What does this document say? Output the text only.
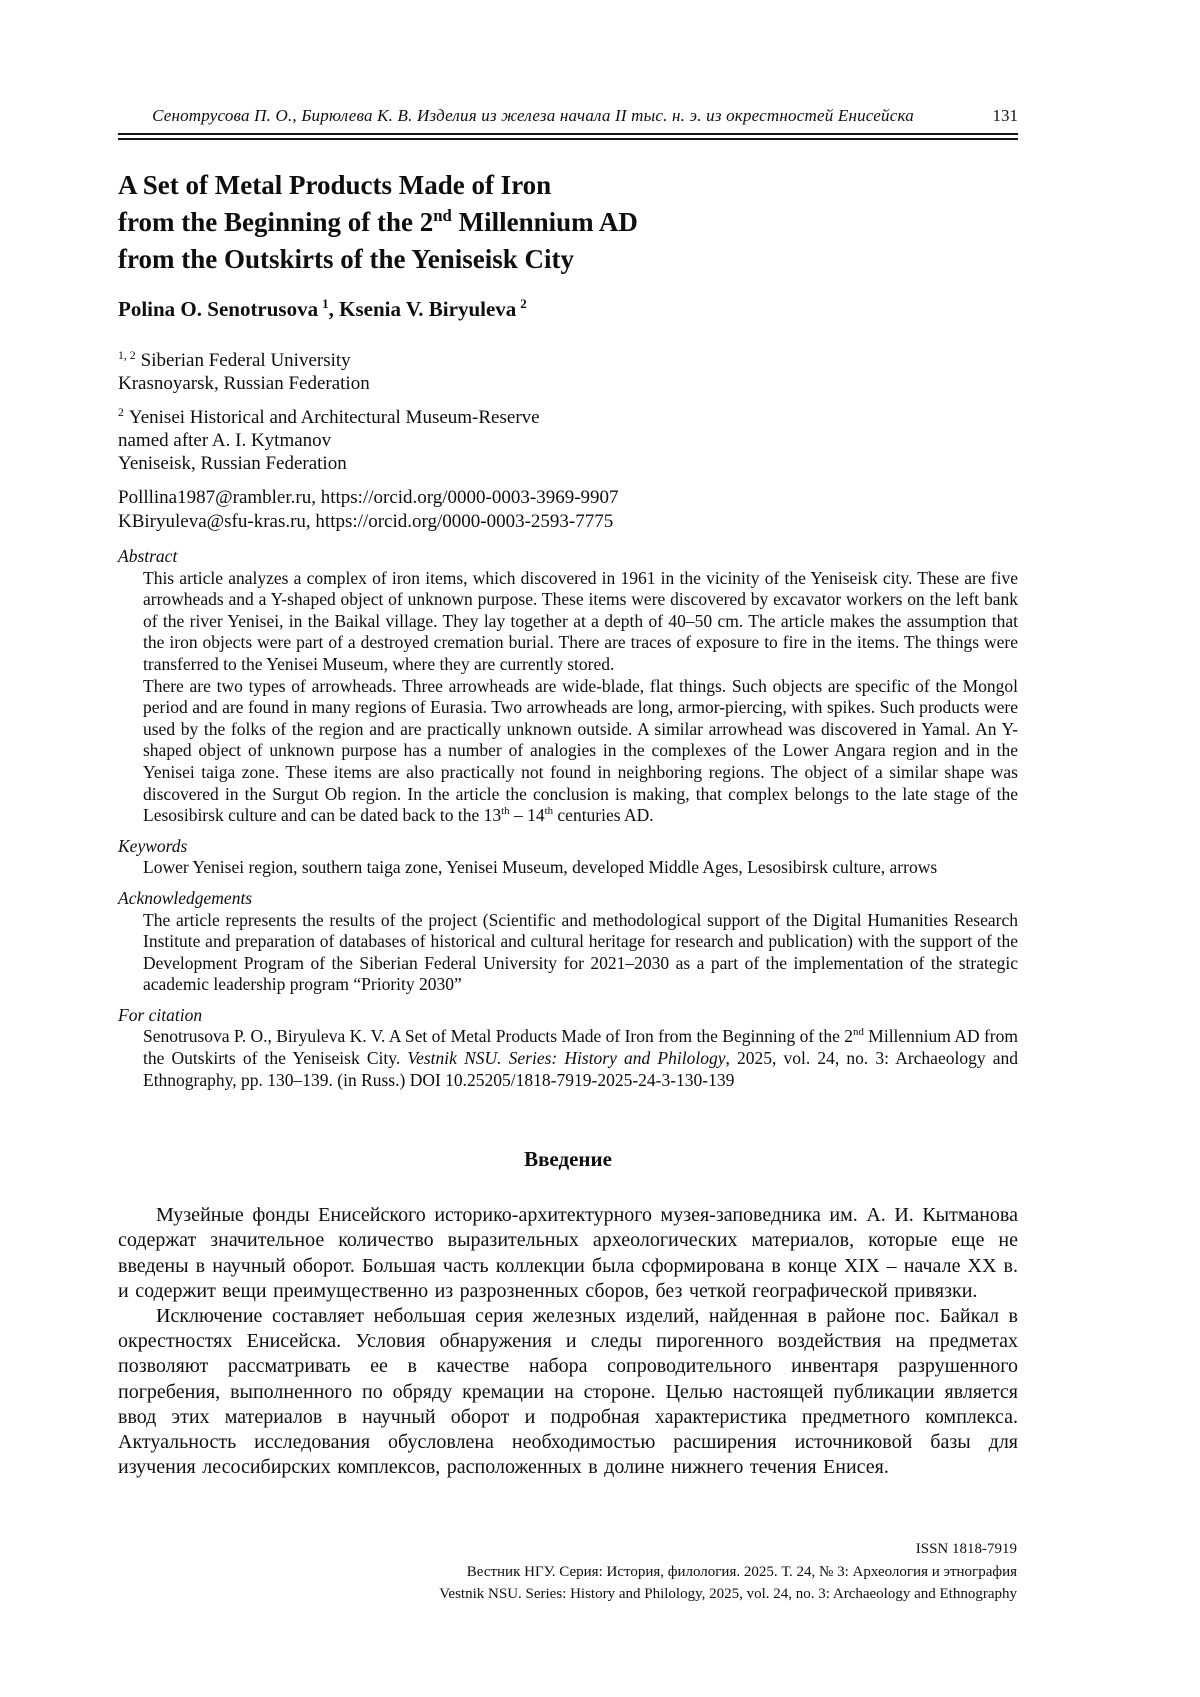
Сенотрусова П. О., Бирюлева К. В. Изделия из железа начала II тыс. н. э. из окрестностей Енисейска	131
A Set of Metal Products Made of Iron
from the Beginning of the 2nd Millennium AD
from the Outskirts of the Yeniseisk City
Polina O. Senotrusova $^1$, Ksenia V. Biryuleva $^2$
$^{1, 2}$ Siberian Federal University
Krasnoyarsk, Russian Federation
$^2$ Yenisei Historical and Architectural Museum-Reserve
named after A. I. Kytmanov
Yeniseisk, Russian Federation
Polllina1987@rambler.ru, https://orcid.org/0000-0003-3969-9907
KBiryuleva@sfu-kras.ru, https://orcid.org/0000-0003-2593-7775
Abstract
This article analyzes a complex of iron items, which discovered in 1961 in the vicinity of the Yeniseisk city. These are five arrowheads and a Y-shaped object of unknown purpose. These items were discovered by excavator workers on the left bank of the river Yenisei, in the Baikal village. They lay together at a depth of 40–50 cm. The article makes the assumption that the iron objects were part of a destroyed cremation burial. There are traces of exposure to fire in the items. The things were transferred to the Yenisei Museum, where they are currently stored.
There are two types of arrowheads. Three arrowheads are wide-blade, flat things. Such objects are specific of the Mongol period and are found in many regions of Eurasia. Two arrowheads are long, armor-piercing, with spikes. Such products were used by the folks of the region and are practically unknown outside. A similar arrowhead was discovered in Yamal. An Y-shaped object of unknown purpose has a number of analogies in the complexes of the Lower Angara region and in the Yenisei taiga zone. These items are also practically not found in neighboring regions. The object of a similar shape was discovered in the Surgut Ob region. In the article the conclusion is making, that complex belongs to the late stage of the Lesosibirsk culture and can be dated back to the 13th – 14th centuries AD.
Keywords
Lower Yenisei region, southern taiga zone, Yenisei Museum, developed Middle Ages, Lesosibirsk culture, arrows
Acknowledgements
The article represents the results of the project (Scientific and methodological support of the Digital Humanities Research Institute and preparation of databases of historical and cultural heritage for research and publication) with the support of the Development Program of the Siberian Federal University for 2021–2030 as a part of the implementation of the strategic academic leadership program “Priority 2030”
For citation
Senotrusova P. O., Biryuleva K. V. A Set of Metal Products Made of Iron from the Beginning of the 2nd Millennium AD from the Outskirts of the Yeniseisk City. Vestnik NSU. Series: History and Philology, 2025, vol. 24, no. 3: Archaeology and Ethnography, pp. 130–139. (in Russ.) DOI 10.25205/1818-7919-2025-24-3-130-139
Введение

Музейные фонды Енисейского историко-архитектурного музея-заповедника им. А. И. Кытманова содержат значительное количество выразительных археологических материалов, которые еще не введены в научный оборот. Большая часть коллекции была сформирована в конце XIX – начале XX в. и содержит вещи преимущественно из разрозненных сборов, без четкой географической привязки.

Исключение составляет небольшая серия железных изделий, найденная в районе пос. Байкал в окрестностях Енисейска. Условия обнаружения и следы пирогенного воздействия на предметах позволяют рассматривать ее в качестве набора сопроводительного инвентаря разрушенного погребения, выполненного по обряду кремации на стороне. Целью настоящей публикации является ввод этих материалов в научный оборот и подробная характеристика предметного комплекса. Актуальность исследования обусловлена необходимостью расширения источниковой базы для изучения лесосибирских комплексов, расположенных в долине нижнего течения Енисея.

ISSN 1818-7919
Вестник НГУ. Серия: История, филология. 2025. Т. 24, № 3: Археология и этнография
Vestnik NSU. Series: History and Philology, 2025, vol. 24, no. 3: Archaeology and Ethnography
